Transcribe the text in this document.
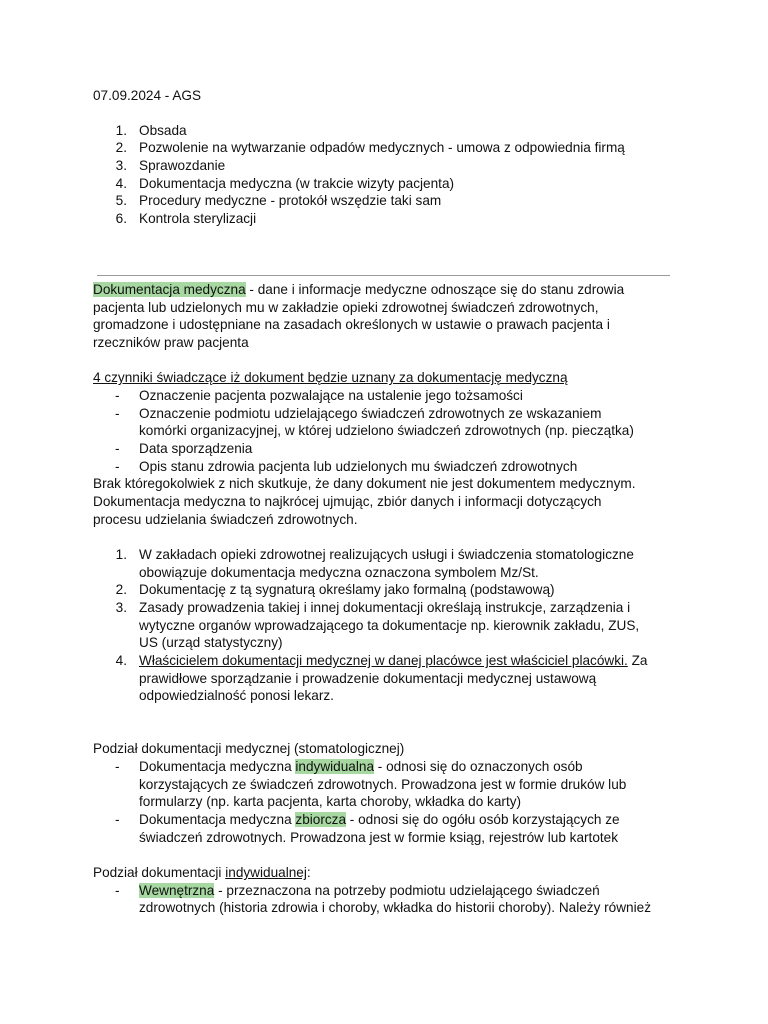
07.09.2024 - AGS
1. Obsada
2. Pozwolenie na wytwarzanie odpadów medycznych - umowa z odpowiednia firmą
3. Sprawozdanie
4. Dokumentacja medyczna (w trakcie wizyty pacjenta)
5. Procedury medyczne - protokół wszędzie taki sam
6. Kontrola sterylizacji
Dokumentacja medyczna - dane i informacje medyczne odnoszące się do stanu zdrowia
pacjenta lub udzielonych mu w zakładzie opieki zdrowotnej świadczeń zdrowotnych,
gromadzone i udostępniane na zasadach określonych w ustawie o prawach pacjenta i
rzeczników praw pacjenta
4 czynniki świadczące iż dokument będzie uznany za dokumentację medyczną
- Oznaczenie pacjenta pozwalające na ustalenie jego tożsamości
- Oznaczenie podmiotu udzielającego świadczeń zdrowotnych ze wskazaniem
komórki organizacyjnej, w której udzielono świadczeń zdrowotnych (np. pieczątka)
- Data sporządzenia
- Opis stanu zdrowia pacjenta lub udzielonych mu świadczeń zdrowotnych
Brak któregokolwiek z nich skutkuje, że dany dokument nie jest dokumentem medycznym.
Dokumentacja medyczna to najkrócej ujmując, zbiór danych i informacji dotyczących
procesu udzielania świadczeń zdrowotnych.
1. W zakładach opieki zdrowotnej realizujących usługi i świadczenia stomatologiczne
obowiązuje dokumentacja medyczna oznaczona symbolem Mz/St.
2. Dokumentację z tą sygnaturą określamy jako formalną (podstawową)
3. Zasady prowadzenia takiej i innej dokumentacji określają instrukcje, zarządzenia i
wytyczne organów wprowadzającego ta dokumentacje np. kierownik zakładu, ZUS,
US (urząd statystyczny)
4. Właścicielem dokumentacji medycznej w danej placówce jest właściciel placówki. Za
prawidłowe sporządzanie i prowadzenie dokumentacji medycznej ustawową
odpowiedzialność ponosi lekarz.
Podział dokumentacji medycznej (stomatologicznej)
- Dokumentacja medyczna indywidualna - odnosi się do oznaczonych osób
korzystających ze świadczeń zdrowotnych. Prowadzona jest w formie druków lub
formularzy (np. karta pacjenta, karta choroby, wkładka do karty)
- Dokumentacja medyczna zbiorcza - odnosi się do ogółu osób korzystających ze
świadczeń zdrowotnych. Prowadzona jest w formie ksiąg, rejestrów lub kartotek
Podział dokumentacji indywidualnej:
- Wewnętrzna - przeznaczona na potrzeby podmiotu udzielającego świadczeń
zdrowotnych (historia zdrowia i choroby, wkładka do historii choroby). Należy również
